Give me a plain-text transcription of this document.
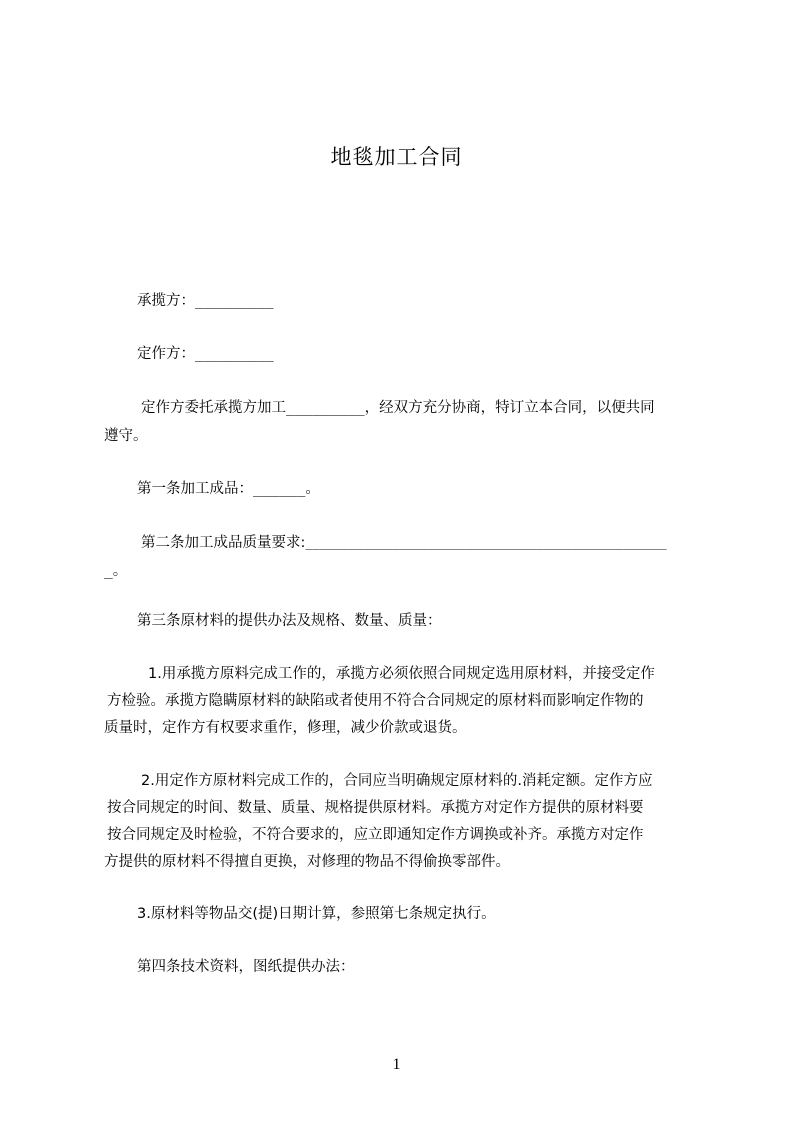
地毯加工合同
承揽方：_________
定作方：_________
定作方委托承揽方加工_________，经双方充分协商，特订立本合同，以便共同
遵守。
第一条加工成品：______。
第二条加工成品质量要求:__________________________________________________
_。
第三条原材料的提供办法及规格、数量、质量：
1.用承揽方原料完成工作的，承揽方必须依照合同规定选用原材料，并接受定作
方检验。承揽方隐瞒原材料的缺陷或者使用不符合合同规定的原材料而影响定作物的
质量时，定作方有权要求重作，修理，减少价款或退货。
2.用定作方原材料完成工作的，合同应当明确规定原材料的.消耗定额。定作方应
按合同规定的时间、数量、质量、规格提供原材料。承揽方对定作方提供的原材料要
按合同规定及时检验，不符合要求的，应立即通知定作方调换或补齐。承揽方对定作
方提供的原材料不得擅自更换，对修理的物品不得偷换零部件。
3.原材料等物品交(提)日期计算，参照第七条规定执行。
第四条技术资料，图纸提供办法：
1
